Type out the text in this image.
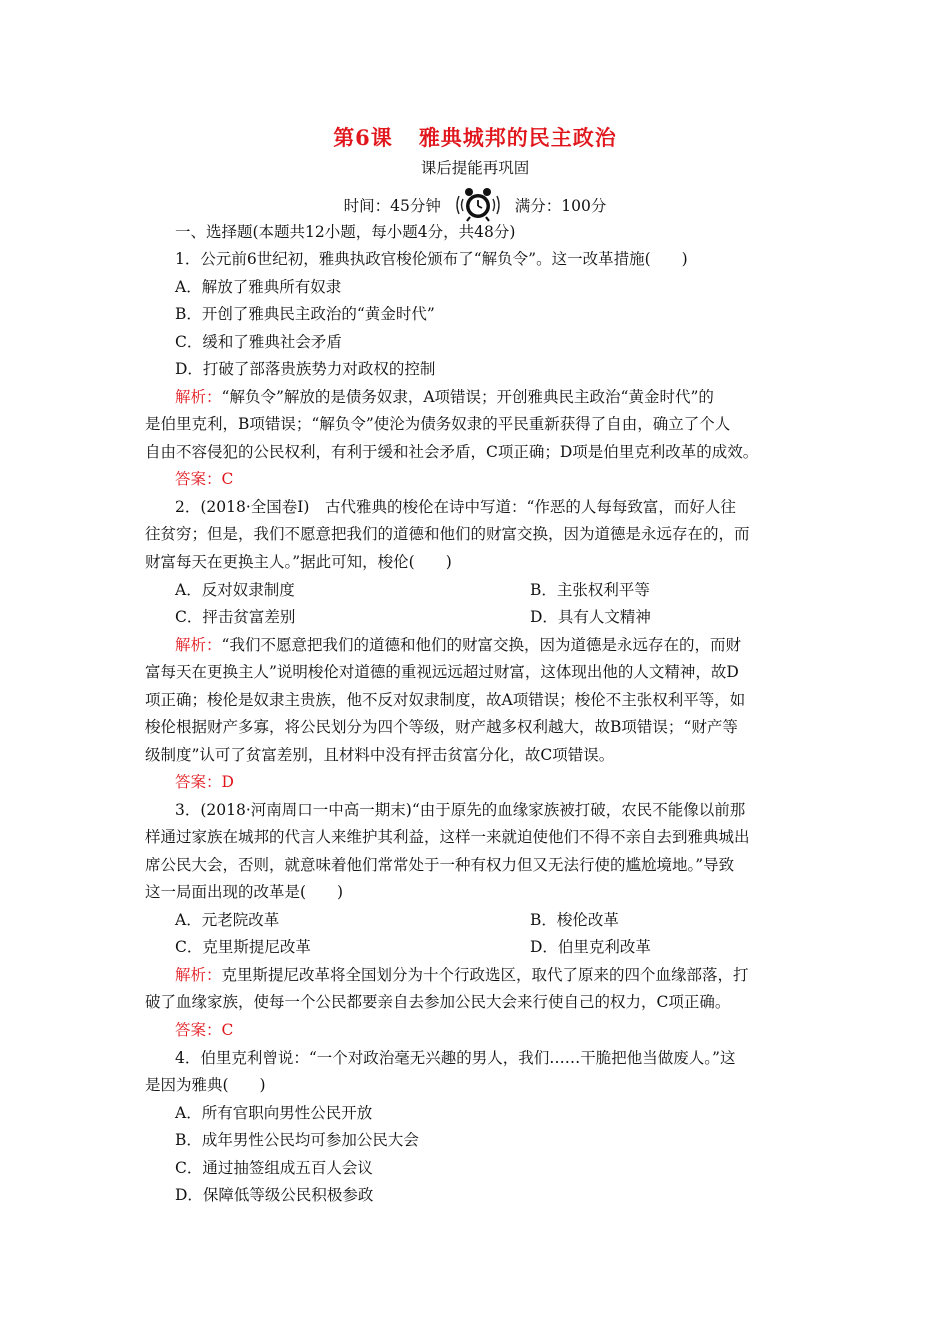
第6课 雅典城邦的民主政治
课后提能再巩固
时间：45分钟	满分：100分
一、选择题(本题共12小题，每小题4分，共48分)
1．公元前6世纪初，雅典执政官梭伦颁布了“解负令”。这一改革措施(　　)
A．解放了雅典所有奴隶
B．开创了雅典民主政治的“黄金时代”
C．缓和了雅典社会矛盾
D．打破了部落贵族势力对政权的控制
解析：“解负令”解放的是债务奴隶，A项错误；开创雅典民主政治“黄金时代”的
是伯里克利，B项错误；“解负令”使沦为债务奴隶的平民重新获得了自由，确立了个人
自由不容侵犯的公民权利，有利于缓和社会矛盾，C项正确；D项是伯里克利改革的成效。
答案：C
2．(2018·全国卷Ⅰ)　古代雅典的梭伦在诗中写道：“作恶的人每每致富，而好人往
往贫穷；但是，我们不愿意把我们的道德和他们的财富交换，因为道德是永远存在的，而
财富每天在更换主人。”据此可知，梭伦(　　)
A．反对奴隶制度	B．主张权利平等
C．抨击贫富差别	D．具有人文精神
解析：“我们不愿意把我们的道德和他们的财富交换，因为道德是永远存在的，而财
富每天在更换主人”说明梭伦对道德的重视远远超过财富，这体现出他的人文精神，故D
项正确；梭伦是奴隶主贵族，他不反对奴隶制度，故A项错误；梭伦不主张权利平等，如
梭伦根据财产多寡，将公民划分为四个等级，财产越多权利越大，故B项错误；“财产等
级制度”认可了贫富差别，且材料中没有抨击贫富分化，故C项错误。
答案：D
3．(2018·河南周口一中高一期末)“由于原先的血缘家族被打破，农民不能像以前那
样通过家族在城邦的代言人来维护其利益，这样一来就迫使他们不得不亲自去到雅典城出
席公民大会，否则，就意味着他们常常处于一种有权力但又无法行使的尴尬境地。”导致
这一局面出现的改革是(　　)
A．元老院改革	B．梭伦改革
C．克里斯提尼改革	D．伯里克利改革
解析：克里斯提尼改革将全国划分为十个行政选区，取代了原来的四个血缘部落，打
破了血缘家族，使每一个公民都要亲自去参加公民大会来行使自己的权力，C项正确。
答案：C
4．伯里克利曾说：“一个对政治毫无兴趣的男人，我们……干脆把他当做废人。”这
是因为雅典(　　)
A．所有官职向男性公民开放
B．成年男性公民均可参加公民大会
C．通过抽签组成五百人会议
D．保障低等级公民积极参政
